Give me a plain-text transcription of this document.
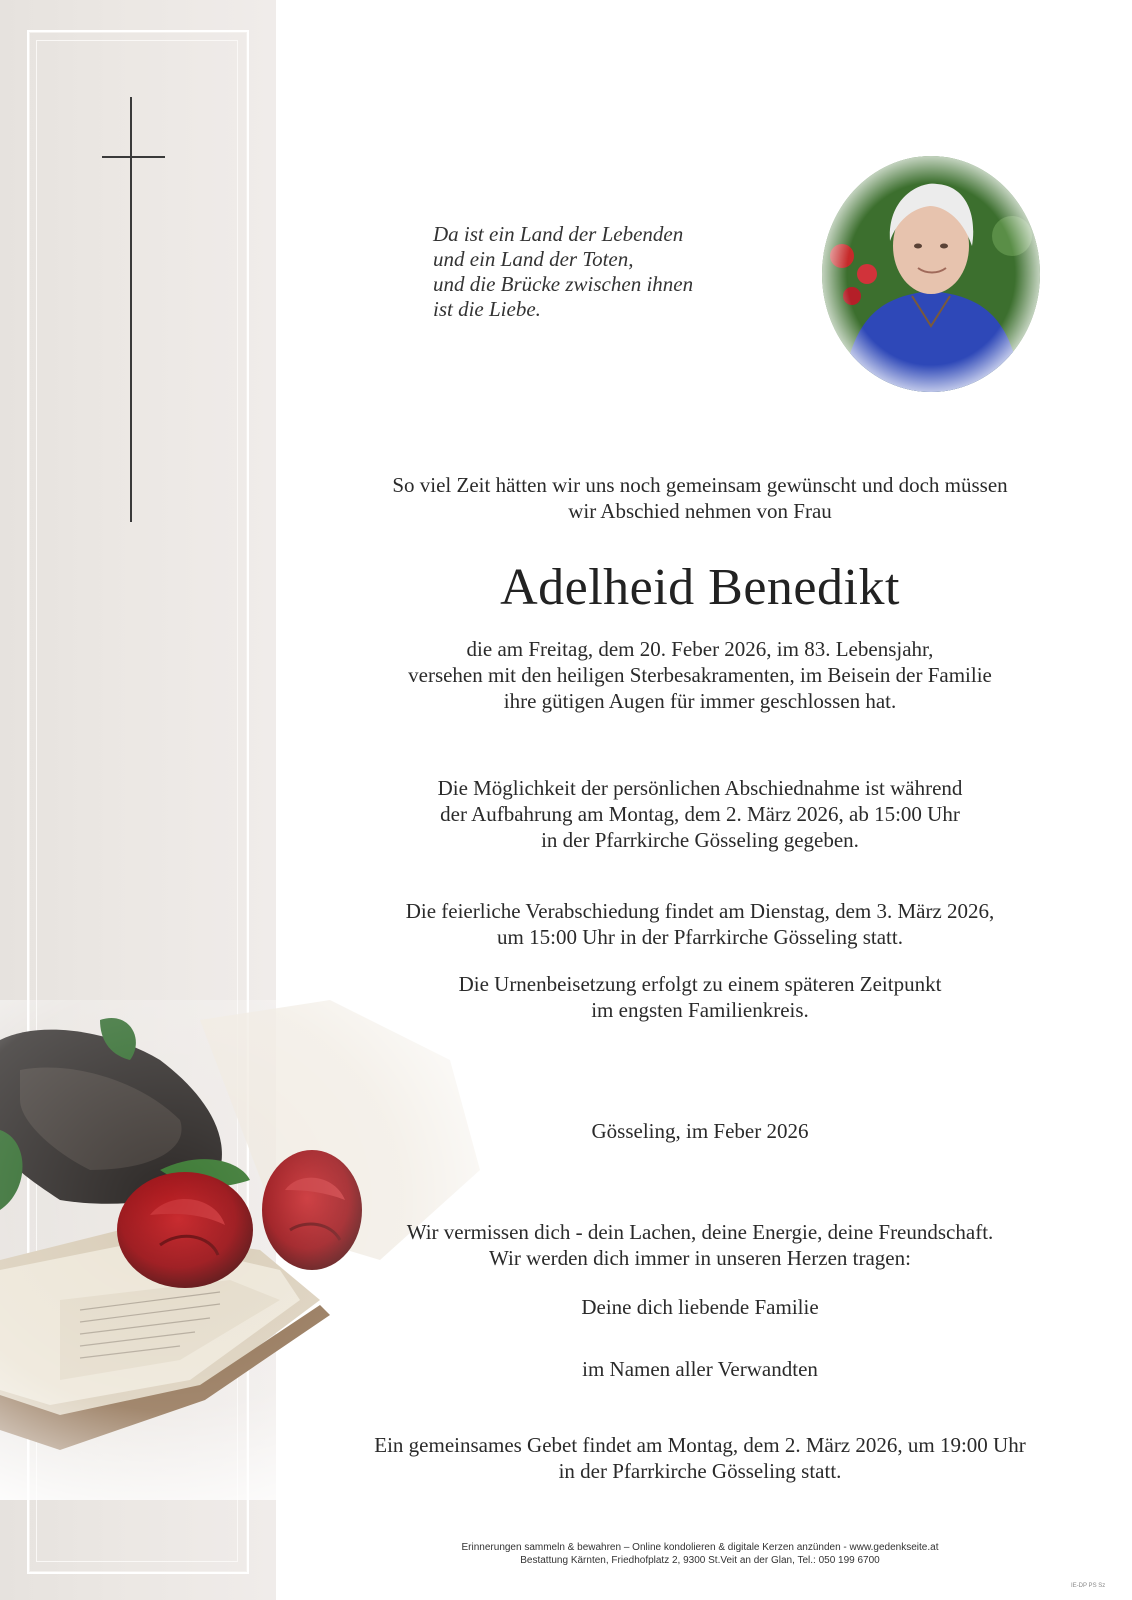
Da ist ein Land der Lebenden
und ein Land der Toten,
und die Brücke zwischen ihnen
ist die Liebe.
So viel Zeit hätten wir uns noch gemeinsam gewünscht und doch müssen
wir Abschied nehmen von Frau
Adelheid Benedikt
die am Freitag, dem 20. Feber 2026, im 83. Lebensjahr,
versehen mit den heiligen Sterbesakramenten, im Beisein der Familie
ihre gütigen Augen für immer geschlossen hat.
Die Möglichkeit der persönlichen Abschiednahme ist während
der Aufbahrung am Montag, dem 2. März 2026, ab 15:00 Uhr
in der Pfarrkirche Gösseling gegeben.
Die feierliche Verabschiedung findet am Dienstag, dem 3. März 2026,
um 15:00 Uhr in der Pfarrkirche Gösseling statt.
Die Urnenbeisetzung erfolgt zu einem späteren Zeitpunkt
im engsten Familienkreis.
Gösseling, im Feber 2026
Wir vermissen dich - dein Lachen, deine Energie, deine Freundschaft.
Wir werden dich immer in unseren Herzen tragen:
Deine dich liebende Familie
im Namen aller Verwandten
Ein gemeinsames Gebet findet am Montag, dem 2. März 2026, um 19:00 Uhr
in der Pfarrkirche Gösseling statt.
Erinnerungen sammeln & bewahren – Online kondolieren & digitale Kerzen anzünden - www.gedenkseite.at
Bestattung Kärnten, Friedhofplatz 2, 9300 St.Veit an der Glan, Tel.: 050 199 6700
IE-DP PS Sz
